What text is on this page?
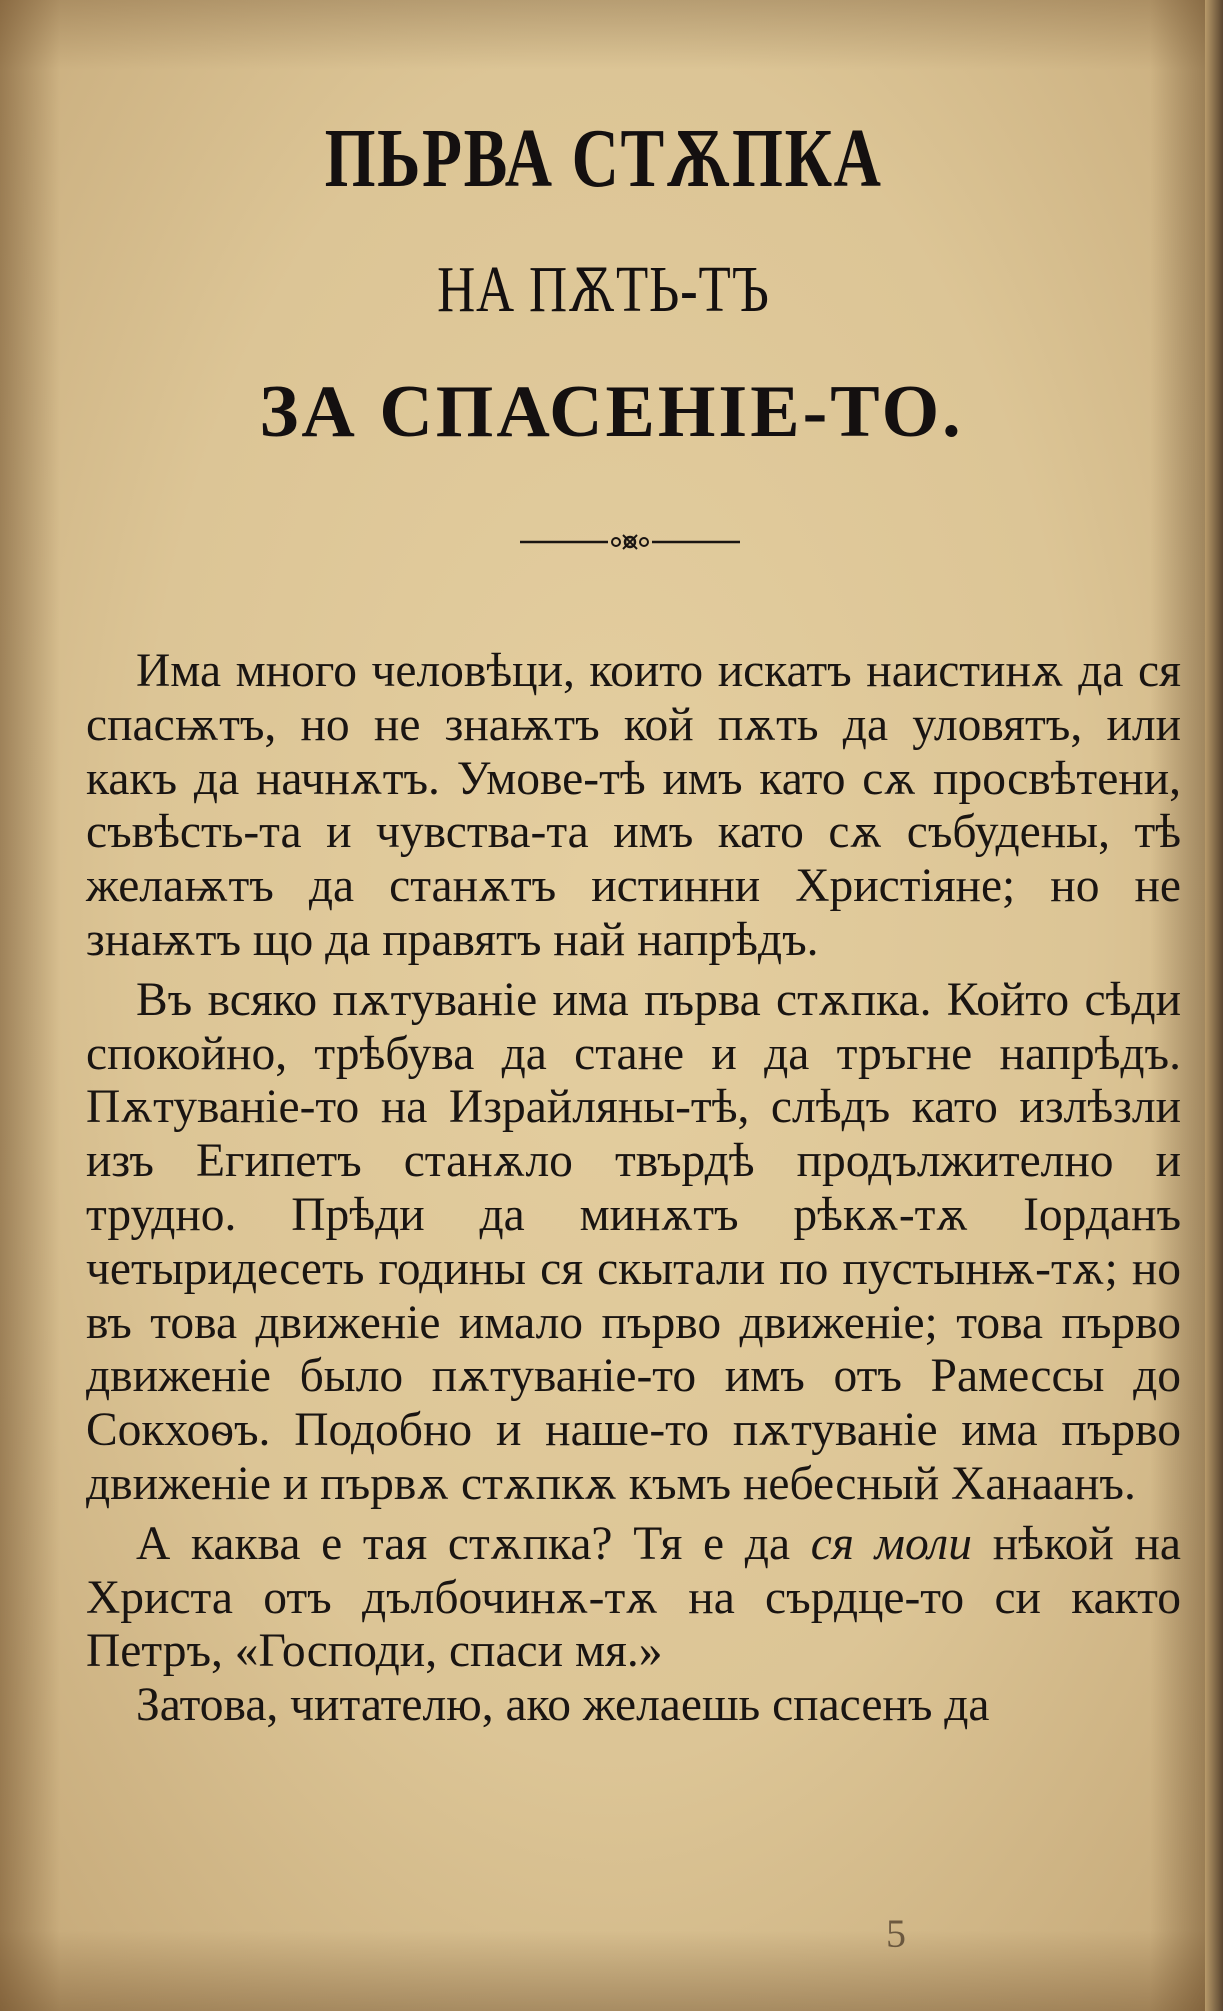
ПЬРВА СТѪПКА
НА ПѪТЬ-ТЪ
ЗА СПАСЕНІЕ-ТО.

Има много человѣци, които искатъ наистинѫ да ся спасѭтъ, но не знаѭтъ кой пѫть да уловятъ, или какъ да начнѫтъ. Умове-тѣ имъ като сѫ просвѣтени, съвѣсть-та и чувства-та имъ като сѫ събудены, тѣ желаѭтъ да станѫтъ истинни Христіяне; но не знаѭтъ що да правятъ най напрѣдъ.

Въ всяко пѫтуваніе има първа стѫпка. Който сѣди спокойно, трѣбува да стане и да тръгне напрѣдъ. Пѫтуваніе-то на Израйляны-тѣ, слѣдъ като излѣзли изъ Египетъ станѫло твърдѣ продължително и трудно. Прѣди да минѫтъ рѣкѫ-тѫ Іорданъ четыридесеть годины ся скытали по пустынѭ-тѫ; но въ това движеніе имало първо движеніе; това първо движеніе было пѫтуваніе-то имъ отъ Рамессы до Сокхоѳъ. Подобно и наше-то пѫтуваніе има първо движеніе и първѫ стѫпкѫ къмъ небесный Ханаанъ.

А каква е тая стѫпка? Тя е да ся моли нѣкой на Христа отъ дълбочинѫ-тѫ на сърдце-то си както Петръ, «Господи, спаси мя.»

Затова, читателю, ако желаешь спасенъ да

5
